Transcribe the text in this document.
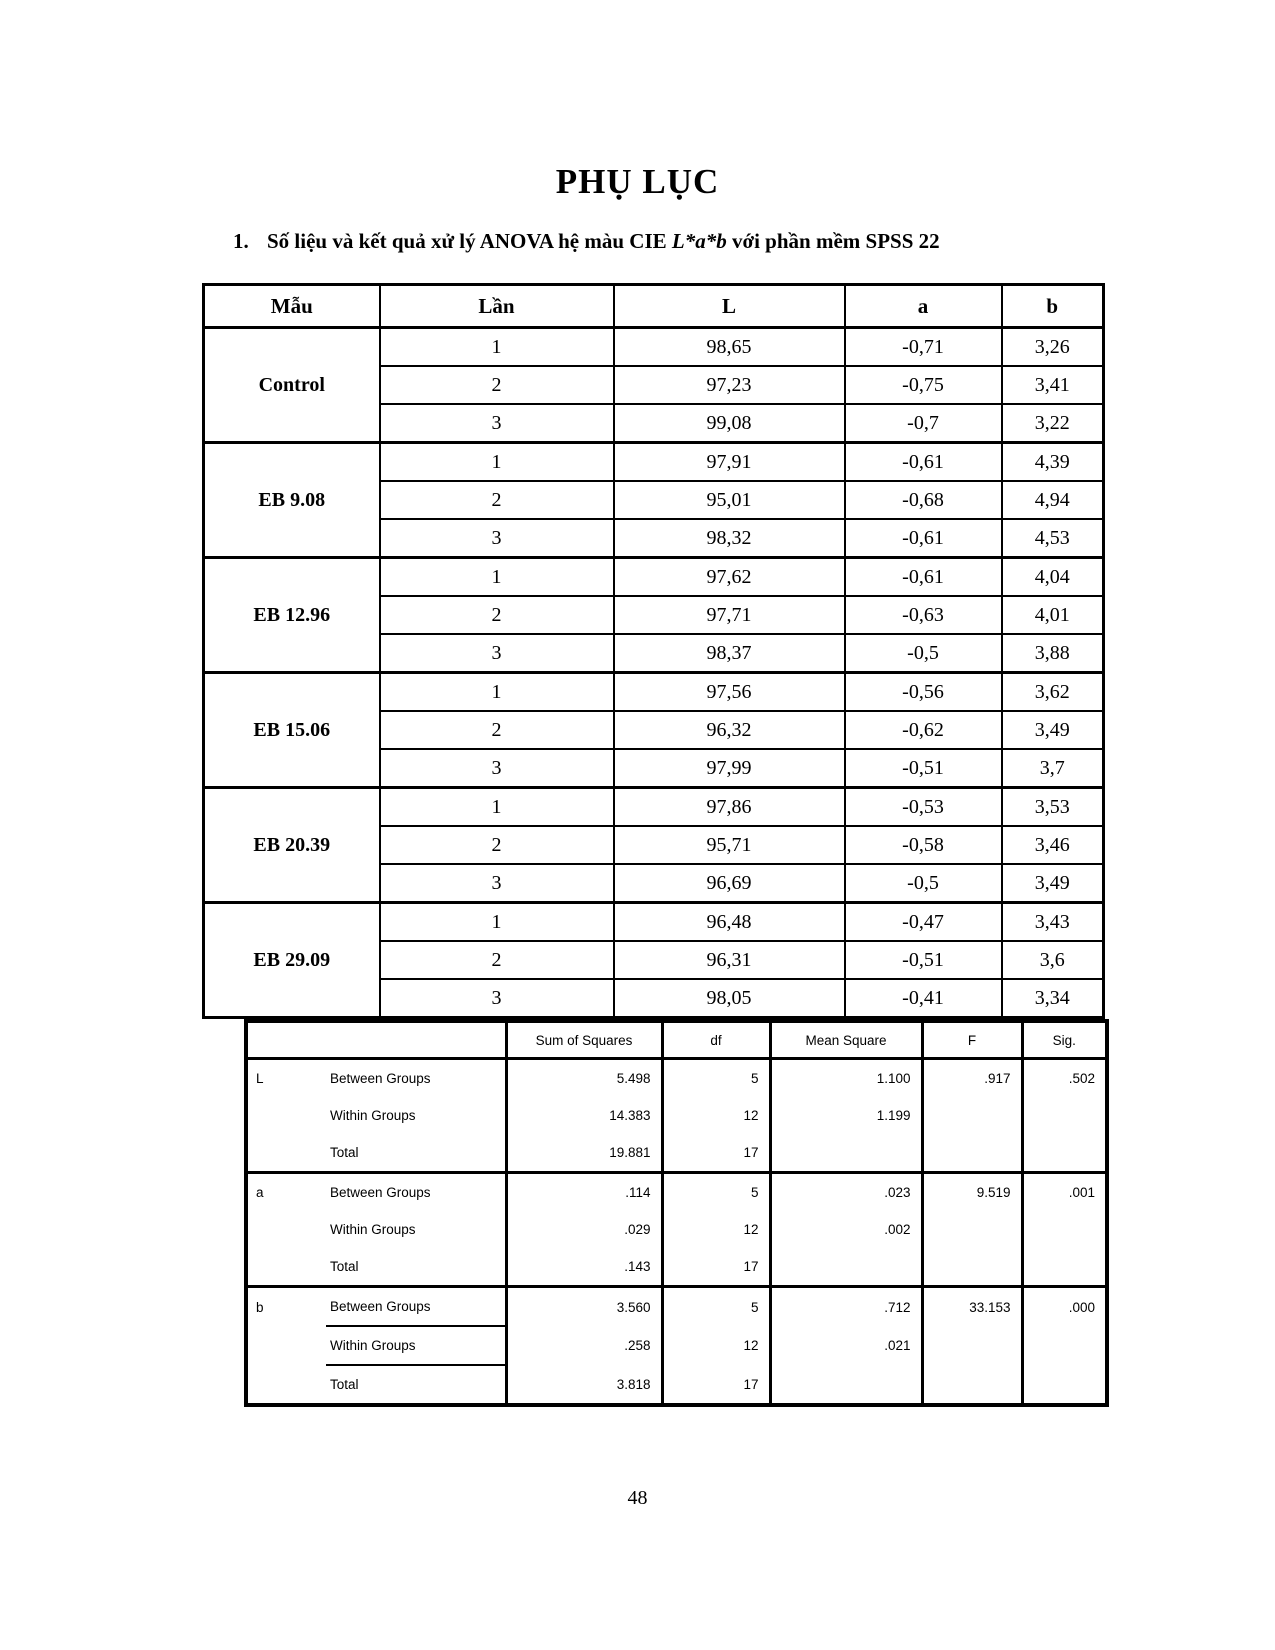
PHỤ LỤC
1. Số liệu và kết quả xử lý ANOVA hệ màu CIE L*a*b với phần mềm SPSS 22
Mẫu	Lần	L	a	b
Control	1	98,65	-0,71	3,26
	2	97,23	-0,75	3,41
	3	99,08	-0,7	3,22
EB 9.08	1	97,91	-0,61	4,39
	2	95,01	-0,68	4,94
	3	98,32	-0,61	4,53
EB 12.96	1	97,62	-0,61	4,04
	2	97,71	-0,63	4,01
	3	98,37	-0,5	3,88
EB 15.06	1	97,56	-0,56	3,62
	2	96,32	-0,62	3,49
	3	97,99	-0,51	3,7
EB 20.39	1	97,86	-0,53	3,53
	2	95,71	-0,58	3,46
	3	96,69	-0,5	3,49
EB 29.09	1	96,48	-0,47	3,43
	2	96,31	-0,51	3,6
	3	98,05	-0,41	3,34
		Sum of Squares	df	Mean Square	F	Sig.
L	Between Groups	5.498	5	1.100	.917	.502
	Within Groups	14.383	12	1.199		
	Total	19.881	17			
a	Between Groups	.114	5	.023	9.519	.001
	Within Groups	.029	12	.002		
	Total	.143	17			
b	Between Groups	3.560	5	.712	33.153	.000
	Within Groups	.258	12	.021		
	Total	3.818	17			
48
